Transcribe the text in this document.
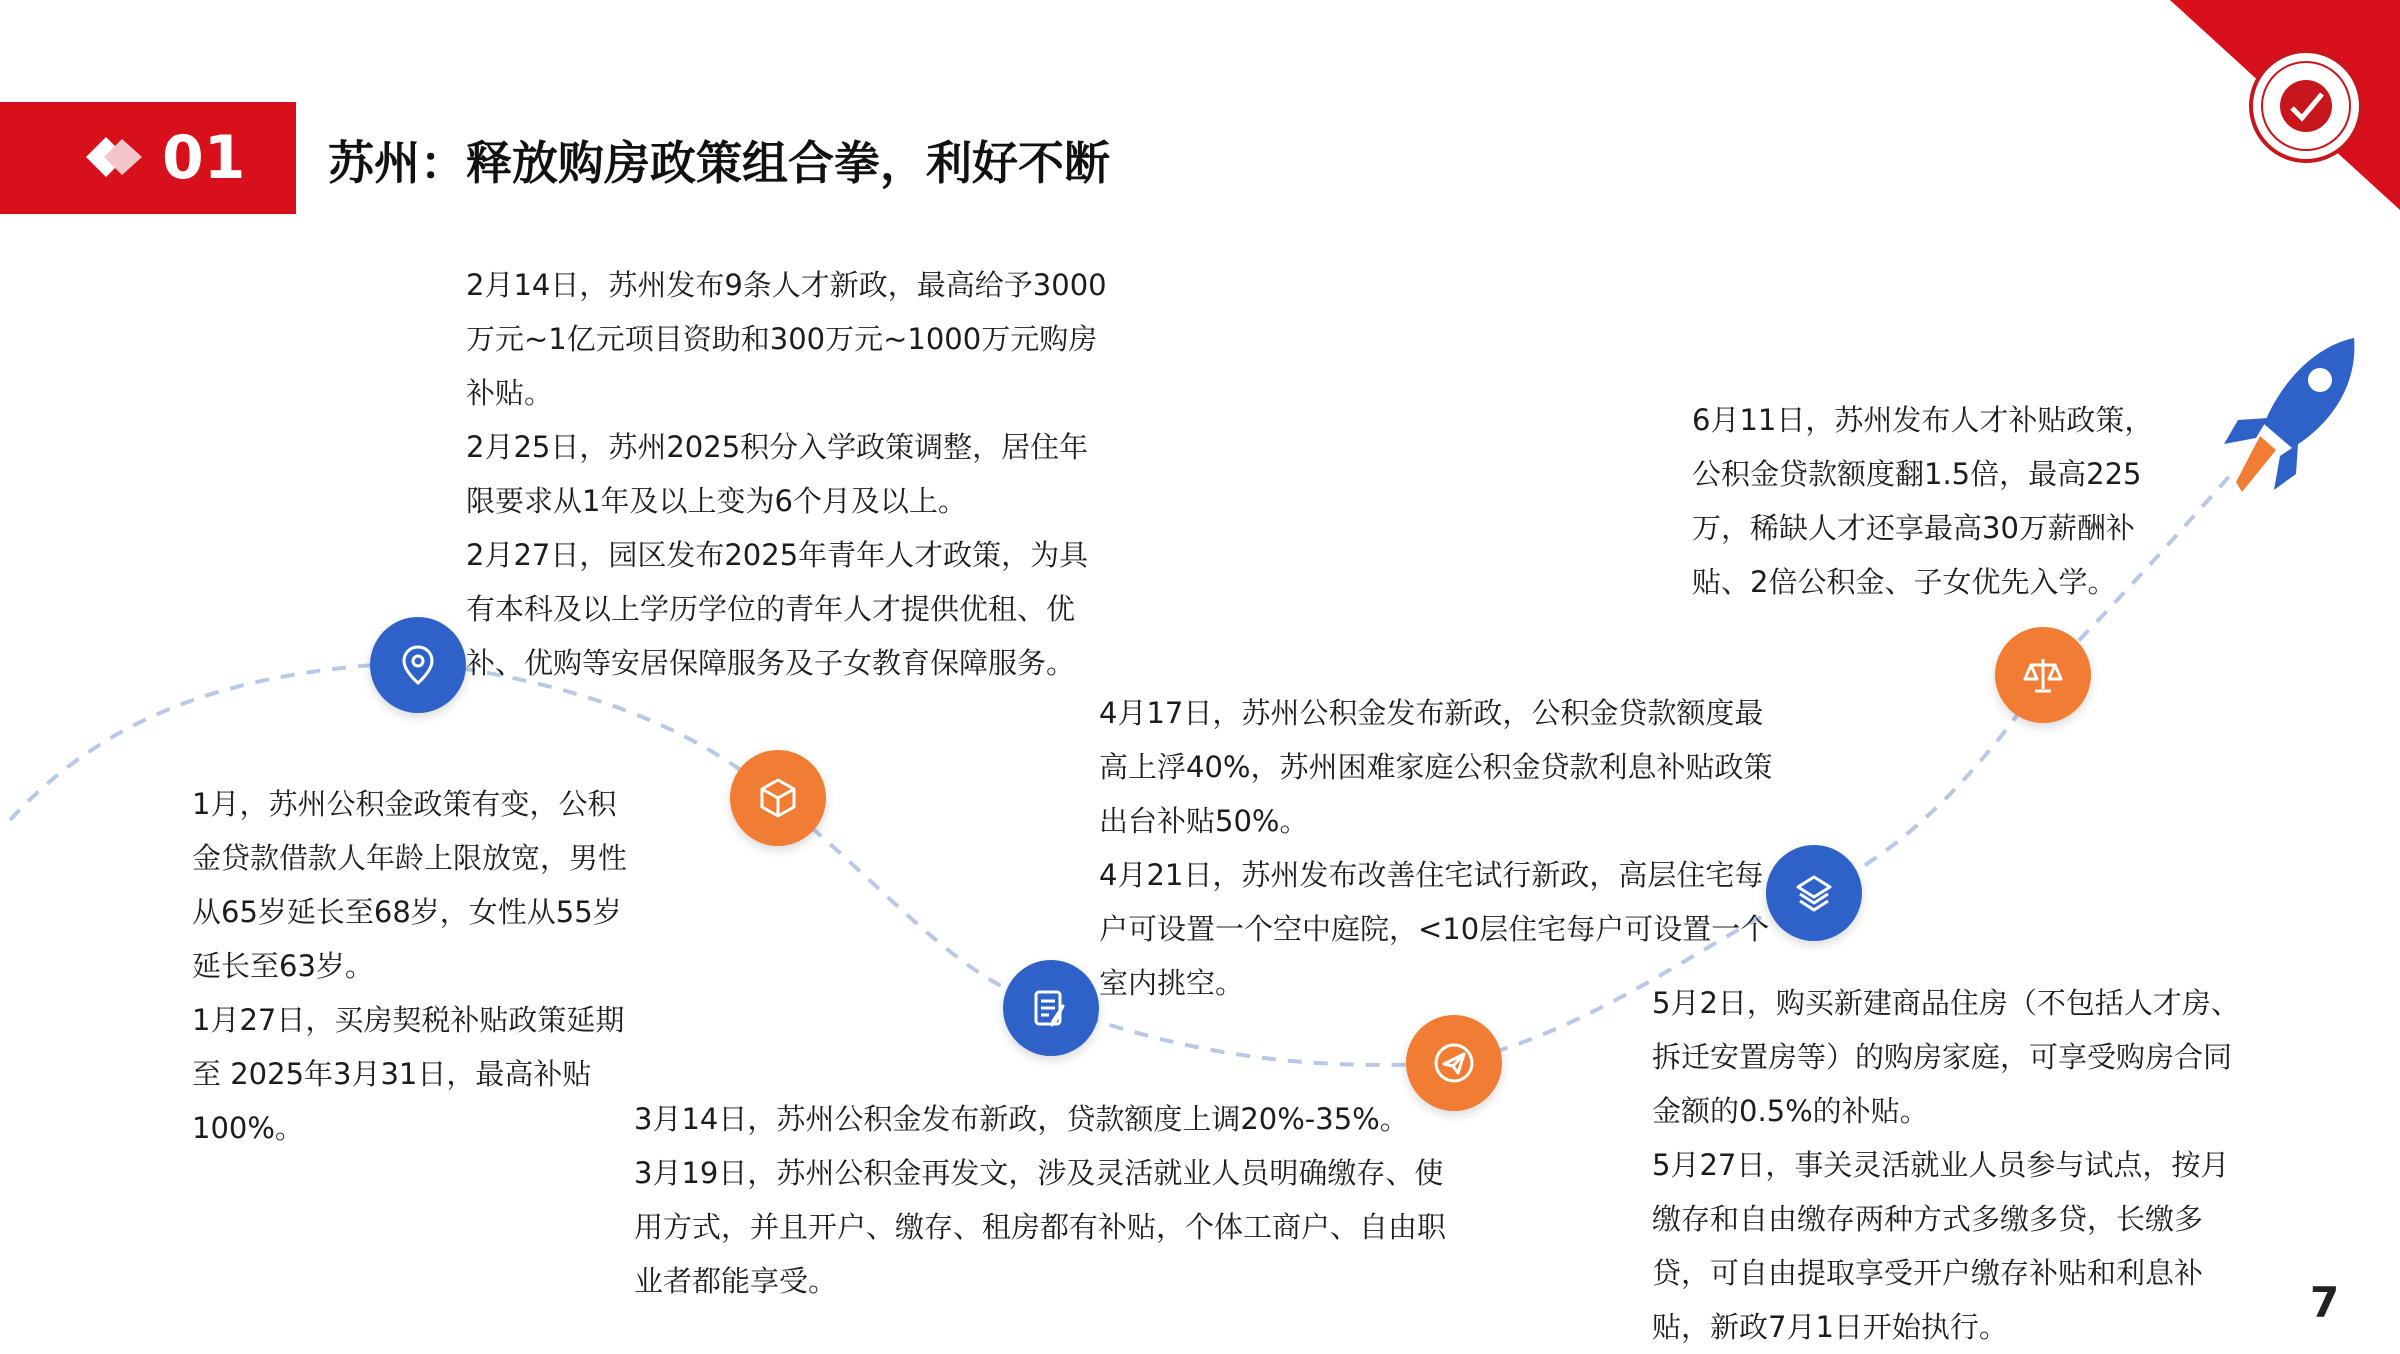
01 苏州：释放购房政策组合拳，利好不断

2月14日，苏州发布9条人才新政，最高给予3000万元~1亿元项目资助和300万元~1000万元购房补贴。

2月25日，苏州2025积分入学政策调整，居住年限要求从1年及以上变为6个月及以上。

2月27日，园区发布2025年青年人才政策，为具有本科及以上学历学位的青年人才提供优租、优补、优购等安居保障服务及子女教育保障服务。

1月，苏州公积金政策有变，公积金贷款借款人年龄上限放宽，男性从65岁延长至68岁，女性从55岁延长至63岁。

1月27日，买房契税补贴政策延期至 2025年3月31日，最高补贴100%。	3月14日，苏州公积金发布新政，贷款额度上调20%-35%。

3月19日，苏州公积金再发文，涉及灵活就业人员明确缴存、使用方式，并且开户、缴存、租房都有补贴，个体工商户、自由职业者都能享受。

4月17日，苏州公积金发布新政，公积金贷款额度最高上浮40%，苏州困难家庭公积金贷款利息补贴政策出台补贴50%。

4月21日，苏州发布改善住宅试行新政，高层住宅每户可设置一个空中庭院，<10层住宅每户可设置一个室内挑空。

5月2日，购买新建商品住房（不包括人才房、拆迁安置房等）的购房家庭，可享受购房合同金额的0.5%的补贴。

5月27日，事关灵活就业人员参与试点，按月缴存和自由缴存两种方式多缴多贷，长缴多贷，可自由提取享受开户缴存补贴和利息补贴，新政7月1日开始执行。

6月11日，苏州发布人才补贴政策，公积金贷款额度翻1.5倍，最高225万，稀缺人才还享最高30万薪酬补贴、2倍公积金、子女优先入学。

7
